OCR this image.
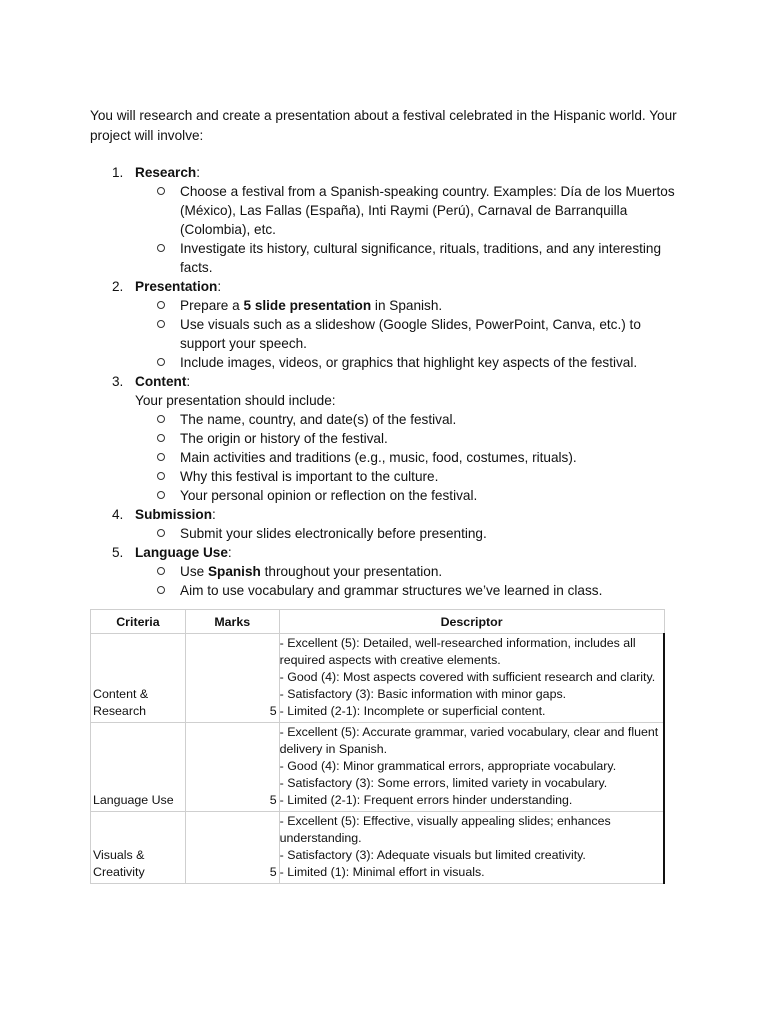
You will research and create a presentation about a festival celebrated in the Hispanic world. Your project will involve:

1. Research:
Choose a festival from a Spanish-speaking country. Examples: Día de los Muertos (México), Las Fallas (España), Inti Raymi (Perú), Carnaval de Barranquilla (Colombia), etc.
Investigate its history, cultural significance, rituals, traditions, and any interesting facts.
2. Presentation:
Prepare a 5 slide presentation in Spanish.
Use visuals such as a slideshow (Google Slides, PowerPoint, Canva, etc.) to support your speech.
Include images, videos, or graphics that highlight key aspects of the festival.
3. Content:
Your presentation should include:
The name, country, and date(s) of the festival.
The origin or history of the festival.
Main activities and traditions (e.g., music, food, costumes, rituals).
Why this festival is important to the culture.
Your personal opinion or reflection on the festival.
4. Submission:
Submit your slides electronically before presenting.
5. Language Use:
Use Spanish throughout your presentation.
Aim to use vocabulary and grammar structures we’ve learned in class.
Criteria	Marks	Descriptor
Content & Research	5	- Excellent (5): Detailed, well-researched information, includes all required aspects with creative elements.
- Good (4): Most aspects covered with sufficient research and clarity.
- Satisfactory (3): Basic information with minor gaps.
- Limited (2-1): Incomplete or superficial content.

Language Use	5	- Excellent (5): Accurate grammar, varied vocabulary, clear and fluent delivery in Spanish.
- Good (4): Minor grammatical errors, appropriate vocabulary.
- Satisfactory (3): Some errors, limited variety in vocabulary.
- Limited (2-1): Frequent errors hinder understanding.

Visuals & Creativity	5	- Excellent (5): Effective, visually appealing slides; enhances understanding.
- Satisfactory (3): Adequate visuals but limited creativity.
- Limited (1): Minimal effort in visuals.
